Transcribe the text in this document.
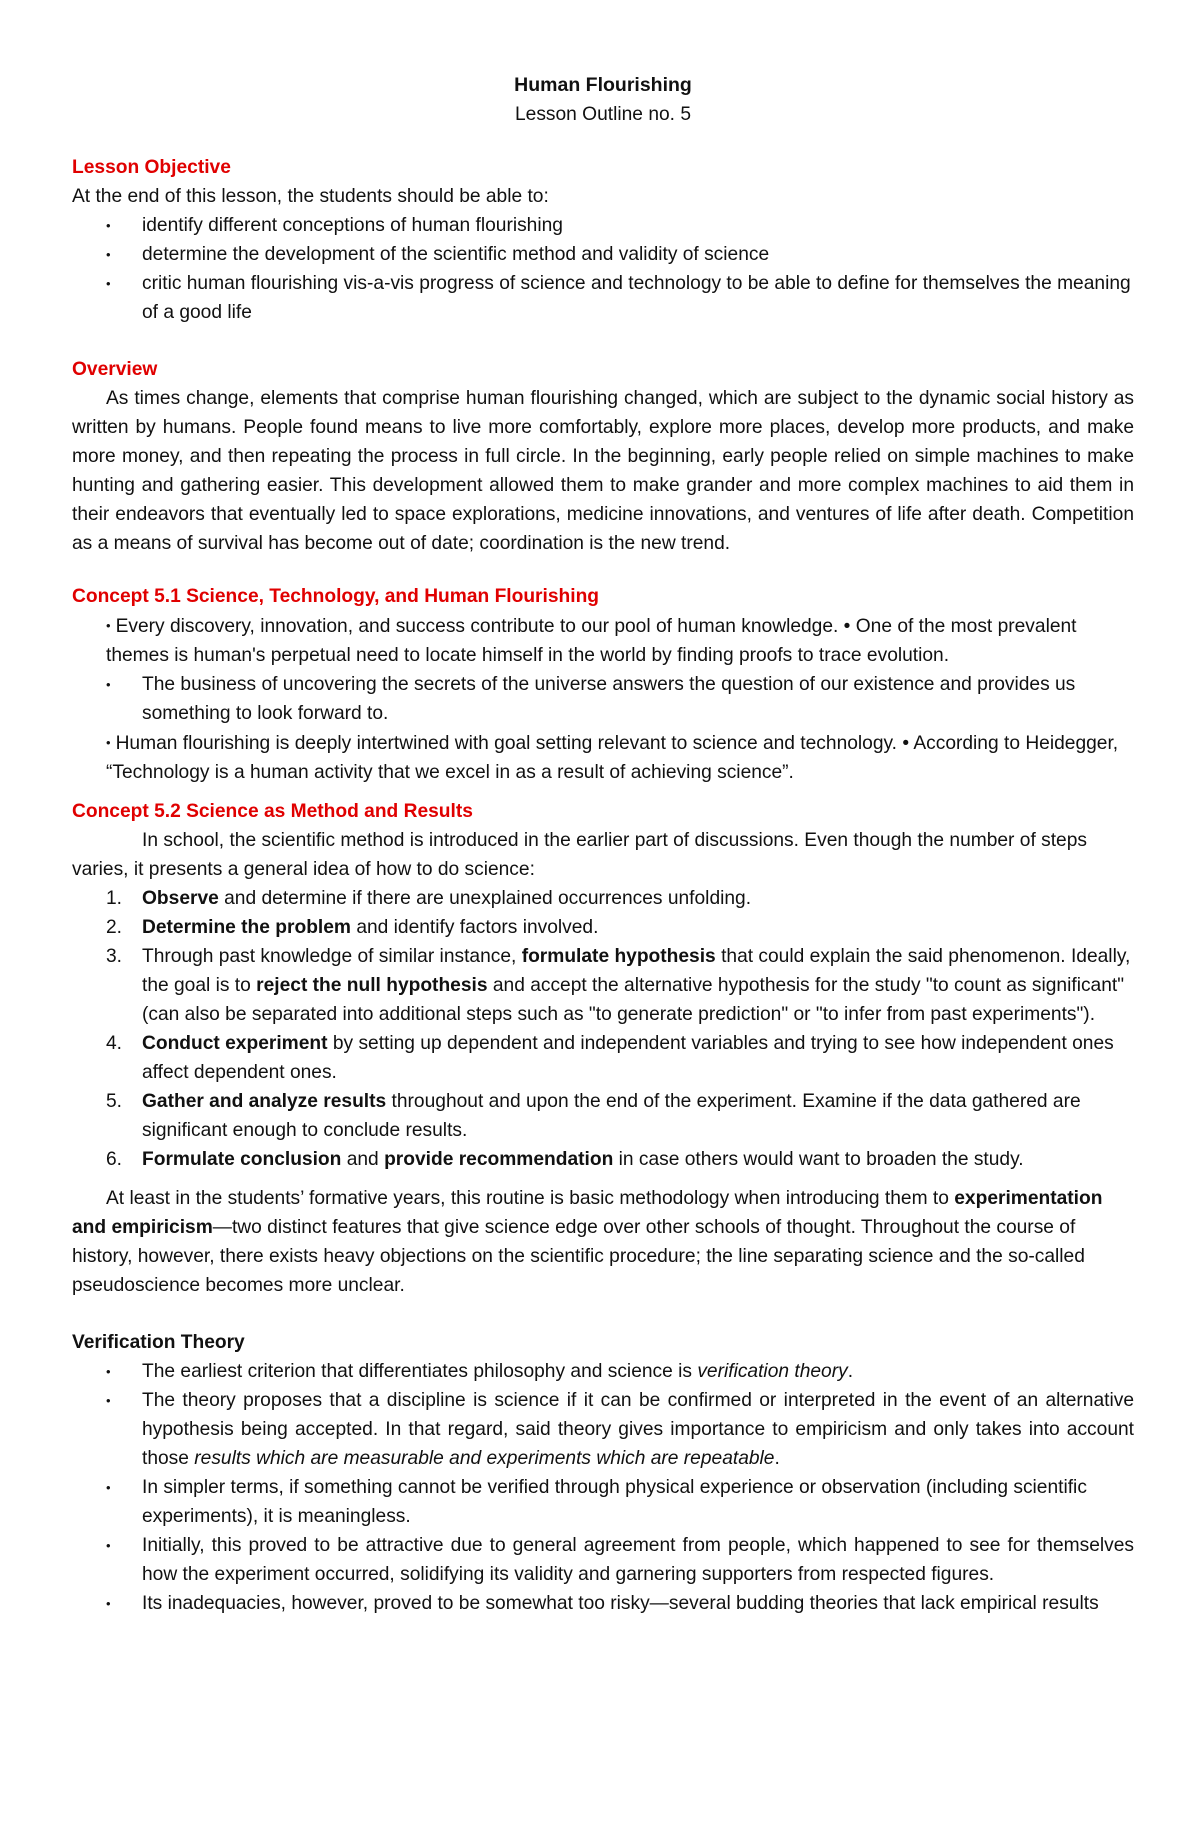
Human Flourishing

Lesson Outline no. 5

Lesson Objective

At the end of this lesson, the students should be able to:

• identify different conceptions of human flourishing

• determine the development of the scientific method and validity of science

• critic human flourishing vis-a-vis progress of science and technology to be able to define for themselves the meaning of a good life

Overview

As times change, elements that comprise human flourishing changed, which are subject to the dynamic social history as written by humans. People found means to live more comfortably, explore more places, develop more products, and make more money, and then repeating the process in full circle. In the beginning, early people relied on simple machines to make hunting and gathering easier. This development allowed them to make grander and more complex machines to aid them in their endeavors that eventually led to space explorations, medicine innovations, and ventures of life after death. Competition as a means of survival has become out of date; coordination is the new trend.

Concept 5.1 Science, Technology, and Human Flourishing

• Every discovery, innovation, and success contribute to our pool of human knowledge. • One of the most prevalent themes is human's perpetual need to locate himself in the world by finding proofs to trace evolution.

• The business of uncovering the secrets of the universe answers the question of our existence and provides us something to look forward to.

• Human flourishing is deeply intertwined with goal setting relevant to science and technology. • According to Heidegger, “Technology is a human activity that we excel in as a result of achieving science”.

Concept 5.2 Science as Method and Results

In school, the scientific method is introduced in the earlier part of discussions. Even though the number of steps varies, it presents a general idea of how to do science:

1. Observe and determine if there are unexplained occurrences unfolding.

2. Determine the problem and identify factors involved.

3. Through past knowledge of similar instance, formulate hypothesis that could explain the said phenomenon. Ideally, the goal is to reject the null hypothesis and accept the alternative hypothesis for the study "to count as significant" (can also be separated into additional steps such as "to generate prediction" or "to infer from past experiments").

4. Conduct experiment by setting up dependent and independent variables and trying to see how independent ones affect dependent ones.

5. Gather and analyze results throughout and upon the end of the experiment. Examine if the data gathered are significant enough to conclude results.

6. Formulate conclusion and provide recommendation in case others would want to broaden the study.

At least in the students’ formative years, this routine is basic methodology when introducing them to experimentation and empiricism—two distinct features that give science edge over other schools of thought. Throughout the course of history, however, there exists heavy objections on the scientific procedure; the line separating science and the so-called pseudoscience becomes more unclear.

Verification Theory

• The earliest criterion that differentiates philosophy and science is verification theory.

• The theory proposes that a discipline is science if it can be confirmed or interpreted in the event of an alternative hypothesis being accepted. In that regard, said theory gives importance to empiricism and only takes into account those results which are measurable and experiments which are repeatable.

• In simpler terms, if something cannot be verified through physical experience or observation (including scientific experiments), it is meaningless.

• Initially, this proved to be attractive due to general agreement from people, which happened to see for themselves how the experiment occurred, solidifying its validity and garnering supporters from respected figures.

• Its inadequacies, however, proved to be somewhat too risky—several budding theories that lack empirical results
